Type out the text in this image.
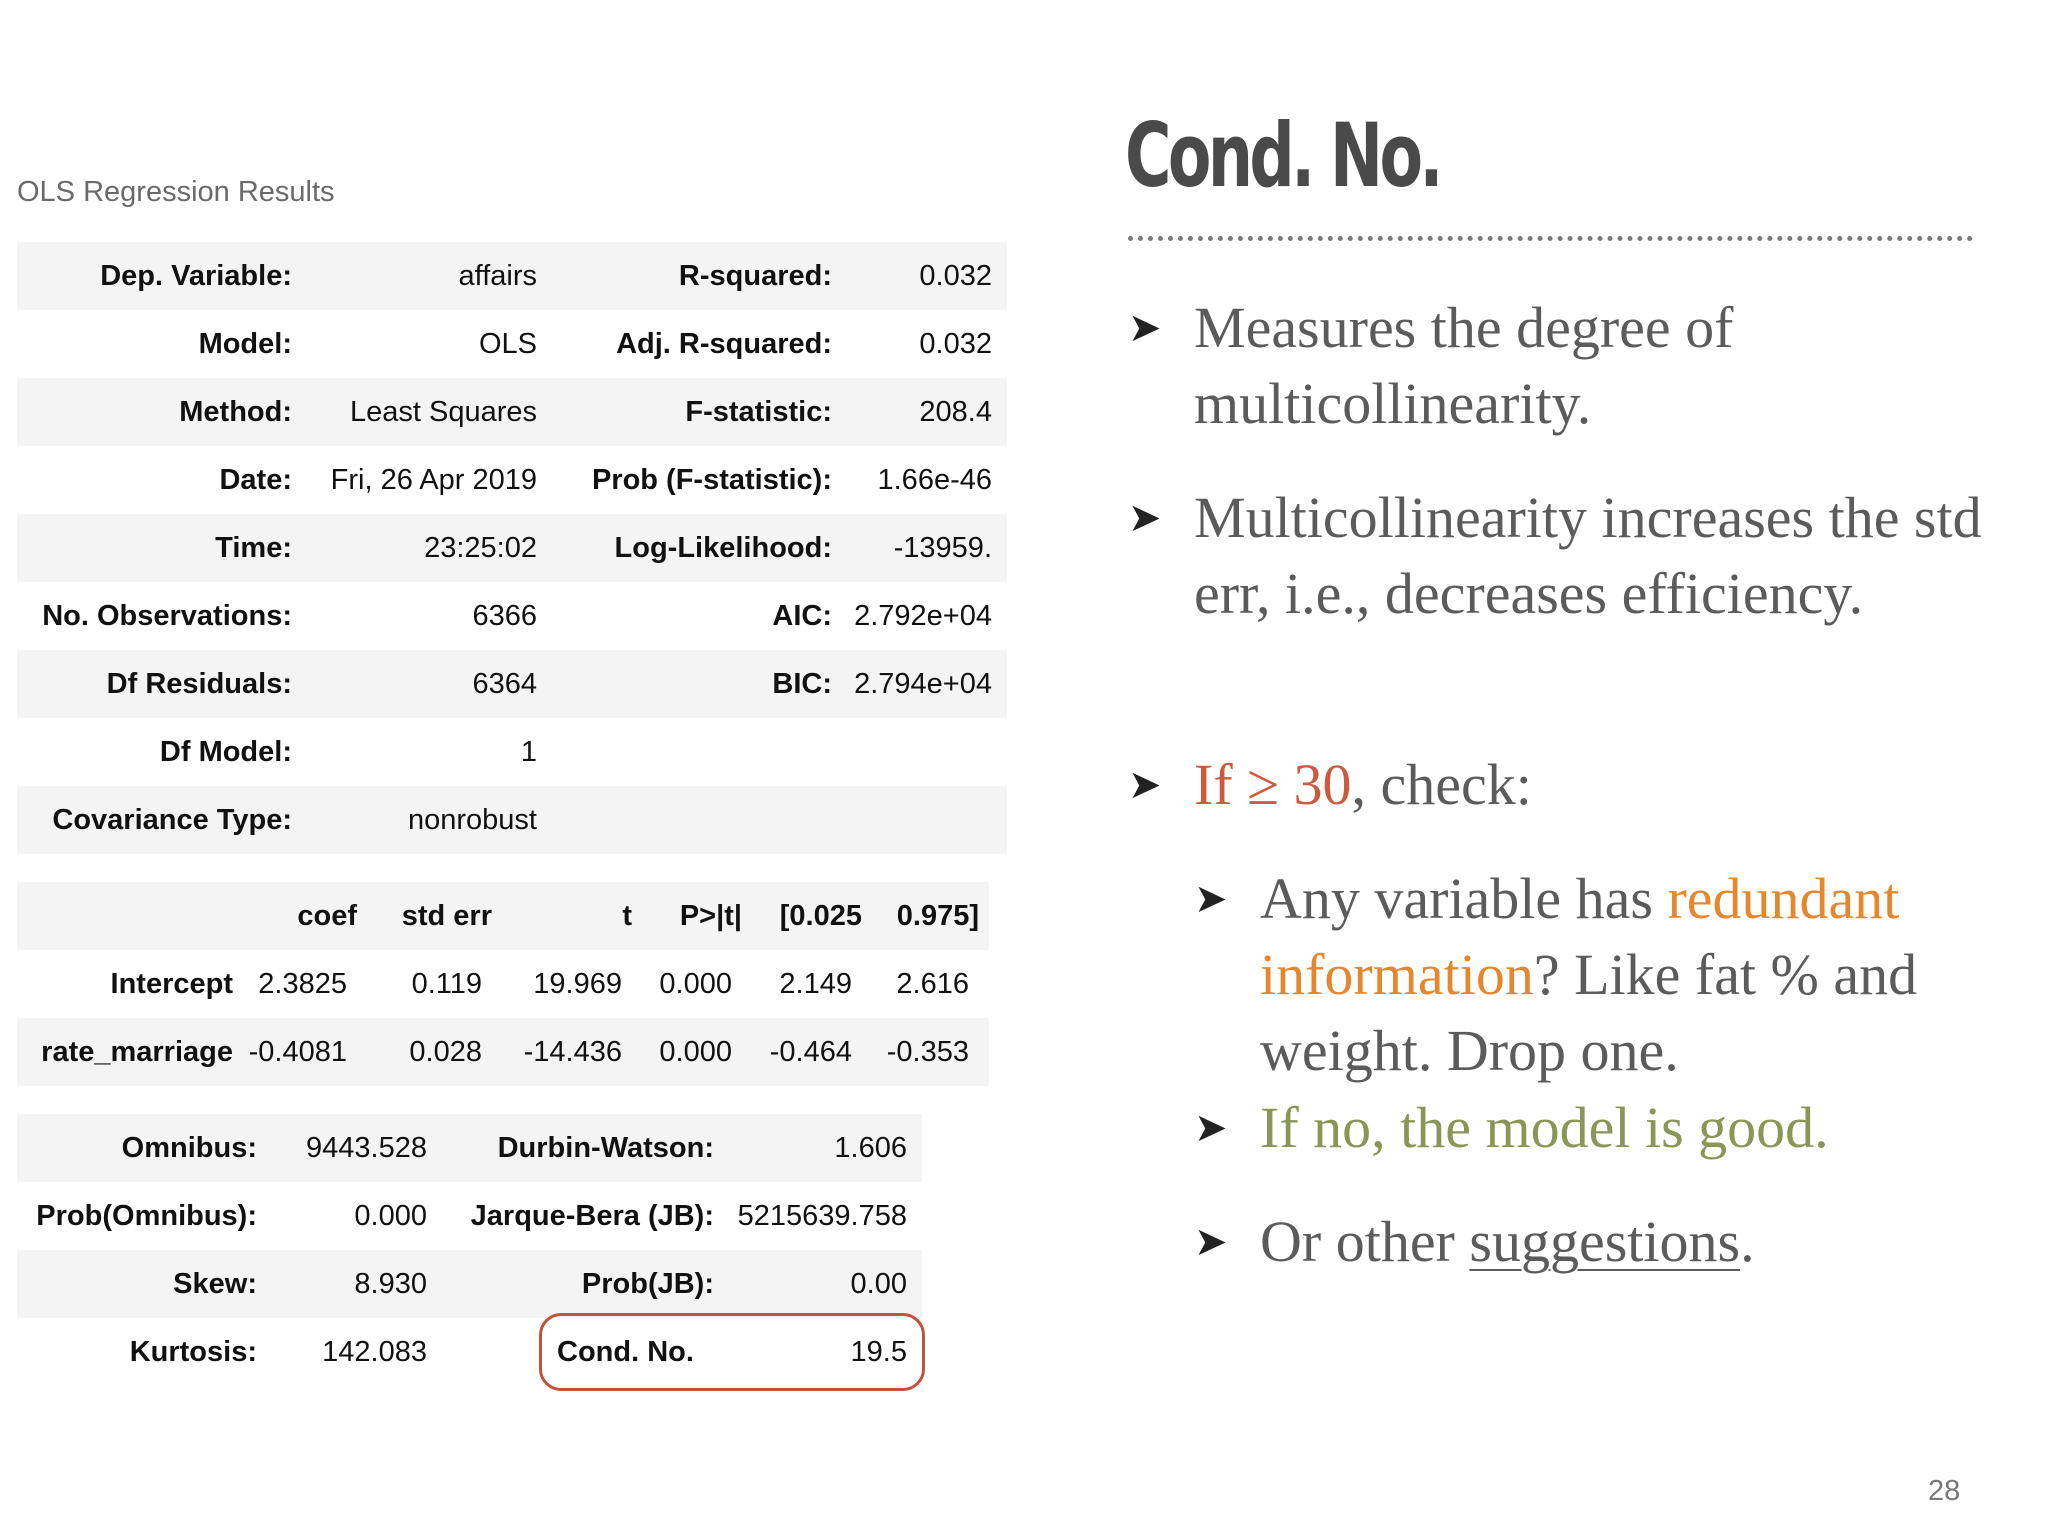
OLS Regression Results
Dep. Variable:	affairs	R-squared:	0.032
Model:	OLS	Adj. R-squared:	0.032
Method:	Least Squares	F-statistic:	208.4
Date:	Fri, 26 Apr 2019	Prob (F-statistic):	1.66e-46
Time:	23:25:02	Log-Likelihood:	-13959.
No. Observations:	6366	AIC: 2.792e+04
Df Residuals:	6364	BIC: 2.794e+04
Df Model:	1
Covariance Type:	nonrobust
coef	std err	t	P>|t|	[0.025	0.975]
Intercept 2.3825	0.119	19.969	0.000	2.149	2.616
rate_marriage -0.4081	0.028	-14.436	0.000	-0.464	-0.353
Omnibus:	9443.528	Durbin-Watson:	1.606
Prob(Omnibus):	0.000	Jarque-Bera (JB): 5215639.758
Skew:	8.930	Prob(JB):	0.00
Kurtosis:	142.083	Cond. No.	19.5
Cond. No.
➤ Measures the degree of multicollinearity.
➤ Multicollinearity increases the std err, i.e., decreases efficiency.
➤ If ≥ 30, check:
➤ Any variable has redundant information? Like fat % and weight. Drop one.
➤ If no, the model is good.
➤ Or other suggestions.
28
